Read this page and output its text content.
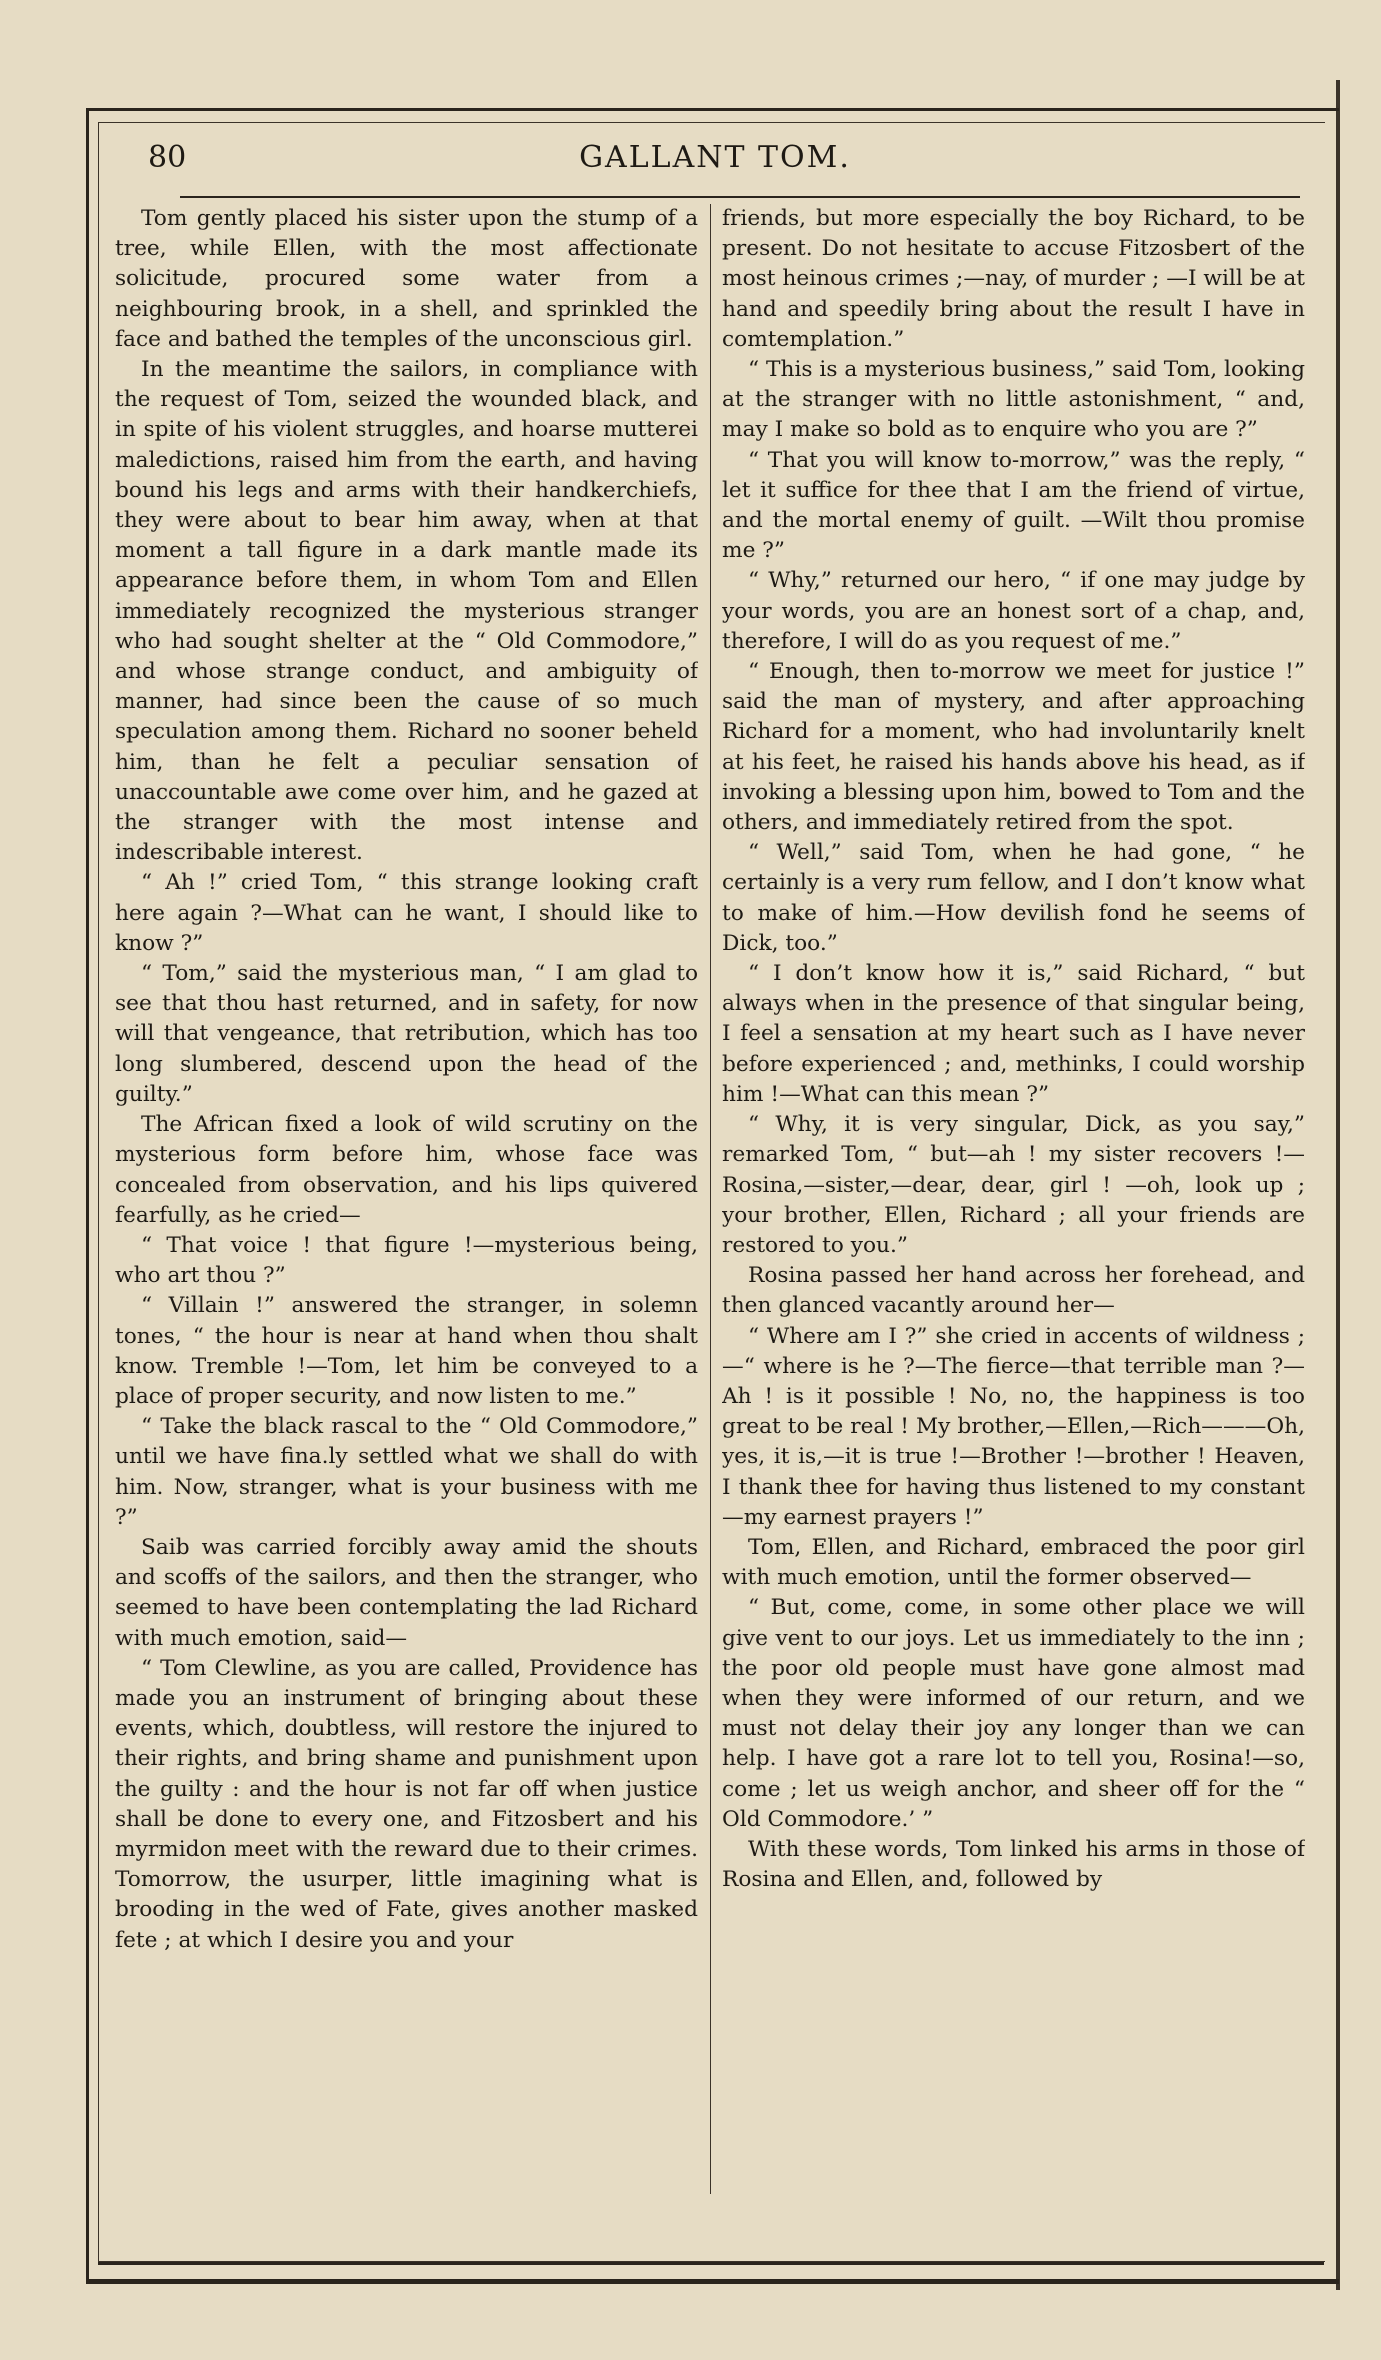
80	GALLANT TOM.

Tom gently placed his sister upon the stump of a tree, while Ellen, with the most affectionate solicitude, procured some water from a neighbouring brook, in a shell, and sprinkled the face and bathed the temples of the unconscious girl.

In the meantime the sailors, in compliance with the request of Tom, seized the wounded black, and in spite of his violent struggles, and hoarse mutterei maledictions, raised him from the earth, and having bound his legs and arms with their handkerchiefs, they were about to bear him away, when at that moment a tall figure in a dark mantle made its appearance before them, in whom Tom and Ellen immediately recognized the mysterious stranger who had sought shelter at the “ Old Commodore,” and whose strange conduct, and ambiguity of manner, had since been the cause of so much speculation among them. Richard no sooner beheld him, than he felt a peculiar sensation of unaccountable awe come over him, and he gazed at the stranger with the most intense and indescribable interest.

“ Ah !” cried Tom, “ this strange looking craft here again ?—What can he want, I should like to know ?”

“ Tom,” said the mysterious man, “ I am glad to see that thou hast returned, and in safety, for now will that vengeance, that retribution, which has too long slumbered, descend upon the head of the guilty.”

The African fixed a look of wild scrutiny on the mysterious form before him, whose face was concealed from observation, and his lips quivered fearfully, as he cried—

“ That voice ! that figure !—mysterious being, who art thou ?”

“ Villain !” answered the stranger, in solemn tones, “ the hour is near at hand when thou shalt know. Tremble !—Tom, let him be conveyed to a place of proper security, and now listen to me.”

“ Take the black rascal to the “ Old Commodore,” until we have fina.ly settled what we shall do with him. Now, stranger, what is your business with me ?”

Saib was carried forcibly away amid the shouts and scoffs of the sailors, and then the stranger, who seemed to have been contemplating the lad Richard with much emotion, said—

“ Tom Clewline, as you are called, Providence has made you an instrument of bringing about these events, which, doubtless, will restore the injured to their rights, and bring shame and punishment upon the guilty : and the hour is not far off when justice shall be done to every one, and Fitzosbert and his myrmidon meet with the reward due to their crimes. Tomorrow, the usurper, little imagining what is brooding in the wed of Fate, gives another masked fete ; at which I desire you and your

friends, but more especially the boy Richard, to be present. Do not hesitate to accuse Fitzosbert of the most heinous crimes ;—nay, of murder ; —I will be at hand and speedily bring about the result I have in comtemplation.”

“ This is a mysterious business,” said Tom, looking at the stranger with no little astonishment, “ and, may I make so bold as to enquire who you are ?”

“ That you will know to-morrow,” was the reply, “ let it suffice for thee that I am the friend of virtue, and the mortal enemy of guilt. —Wilt thou promise me ?”

“ Why,” returned our hero, “ if one may judge by your words, you are an honest sort of a chap, and, therefore, I will do as you request of me.”

“ Enough, then to-morrow we meet for justice !” said the man of mystery, and after approaching Richard for a moment, who had involuntarily knelt at his feet, he raised his hands above his head, as if invoking a blessing upon him, bowed to Tom and the others, and immediately retired from the spot.

“ Well,” said Tom, when he had gone, “ he certainly is a very rum fellow, and I don’t know what to make of him.—How devilish fond he seems of Dick, too.”

“ I don’t know how it is,” said Richard, “ but always when in the presence of that singular being, I feel a sensation at my heart such as I have never before experienced ; and, methinks, I could worship him !—What can this mean ?”

“ Why, it is very singular, Dick, as you say,” remarked Tom, “ but—ah ! my sister recovers !—Rosina,—sister,—dear, dear, girl ! —oh, look up ; your brother, Ellen, Richard ; all your friends are restored to you.”

Rosina passed her hand across her forehead, and then glanced vacantly around her—

“ Where am I ?” she cried in accents of wildness ;—“ where is he ?—The fierce—that terrible man ?—Ah ! is it possible ! No, no, the happiness is too great to be real ! My brother,—Ellen,—Rich———Oh, yes, it is,—it is true !—Brother !—brother ! Heaven, I thank thee for having thus listened to my constant—my earnest prayers !”

Tom, Ellen, and Richard, embraced the poor girl with much emotion, until the former observed—

“ But, come, come, in some other place we will give vent to our joys. Let us immediately to the inn ; the poor old people must have gone almost mad when they were informed of our return, and we must not delay their joy any longer than we can help. I have got a rare lot to tell you, Rosina!—so, come ; let us weigh anchor, and sheer off for the “ Old Commodore.’ ”

With these words, Tom linked his arms in those of Rosina and Ellen, and, followed by
